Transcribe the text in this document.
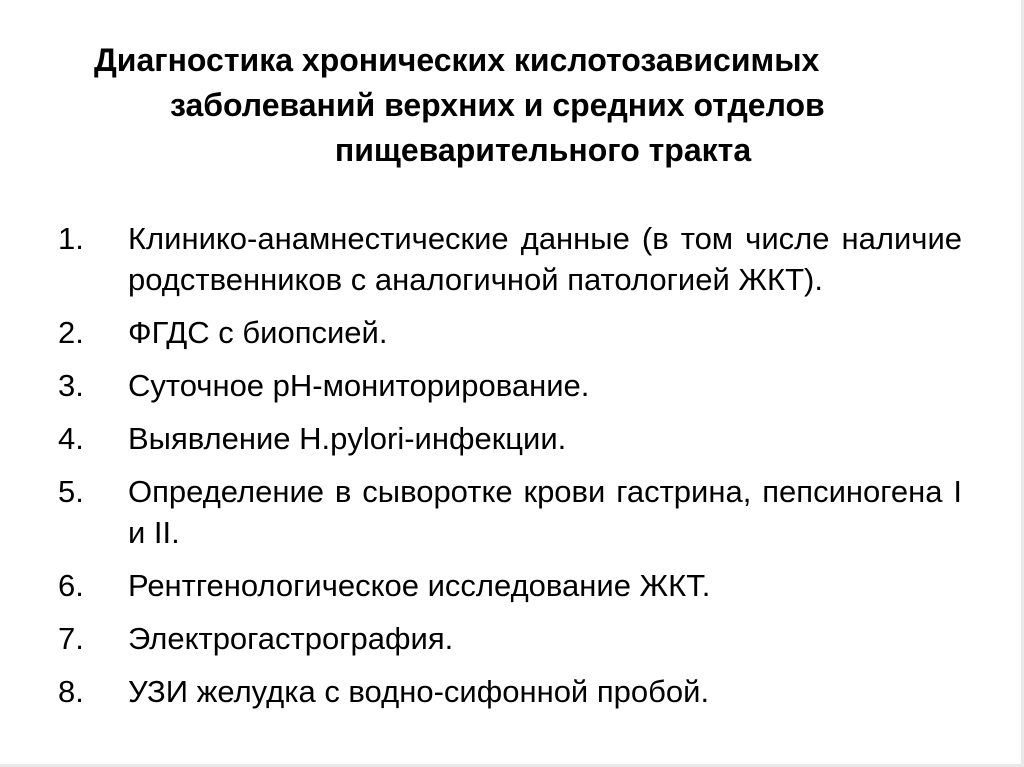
Диагностика хронических кислотозависимых
заболеваний верхних и средних отделов
пищеварительного тракта
1. Клинико-анамнестические данные (в том числе наличие родственников с аналогичной патологией ЖКТ).
2. ФГДС с биопсией.
3. Суточное рН-мониторирование.
4. Выявление H.pylori-инфекции.
5. Определение в сыворотке крови гастрина, пепсиногена I и II.
6. Рентгенологическое исследование ЖКТ.
7. Электрогастрография.
8. УЗИ желудка с водно-сифонной пробой.
